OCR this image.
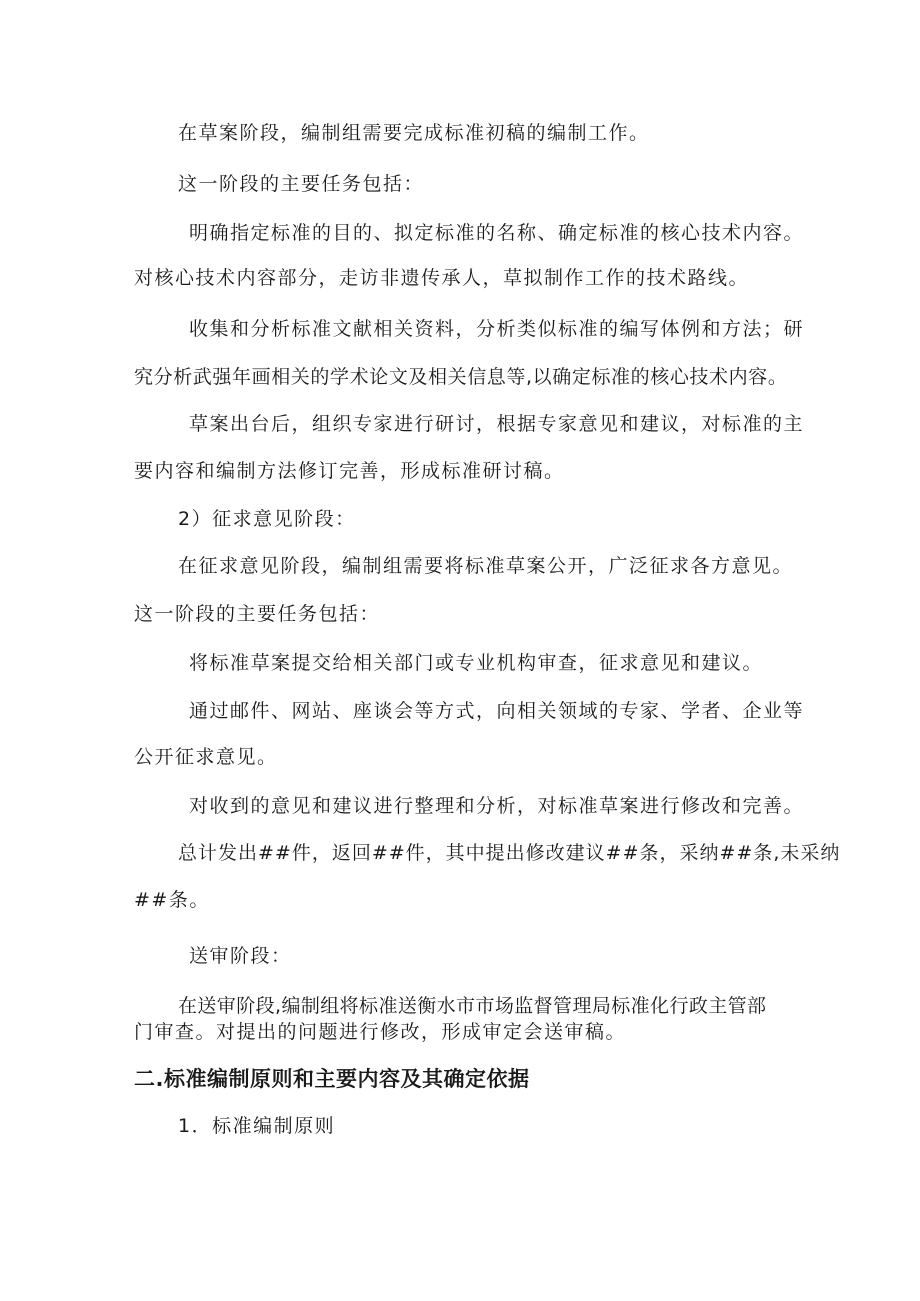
在草案阶段，编制组需要完成标准初稿的编制工作。
这一阶段的主要任务包括：
明确指定标准的目的、拟定标准的名称、确定标准的核心技术内容。
对核心技术内容部分，走访非遗传承人，草拟制作工作的技术路线。
收集和分析标准文献相关资料，分析类似标准的编写体例和方法；研
究分析武强年画相关的学术论文及相关信息等,以确定标准的核心技术内容。
草案出台后，组织专家进行研讨，根据专家意见和建议，对标准的主
要内容和编制方法修订完善，形成标准研讨稿。
2）征求意见阶段：
在征求意见阶段，编制组需要将标准草案公开，广泛征求各方意见。
这一阶段的主要任务包括：
将标准草案提交给相关部门或专业机构审查，征求意见和建议。
通过邮件、网站、座谈会等方式，向相关领域的专家、学者、企业等
公开征求意见。
对收到的意见和建议进行整理和分析，对标准草案进行修改和完善。
总计发出##件，返回##件，其中提出修改建议##条，采纳##条,未采纳
##条。
送审阶段：
在送审阶段,编制组将标准送衡水市市场监督管理局标准化行政主管部
门审查。对提出的问题进行修改，形成审定会送审稿。
二.标准编制原则和主要内容及其确定依据
1．标准编制原则
